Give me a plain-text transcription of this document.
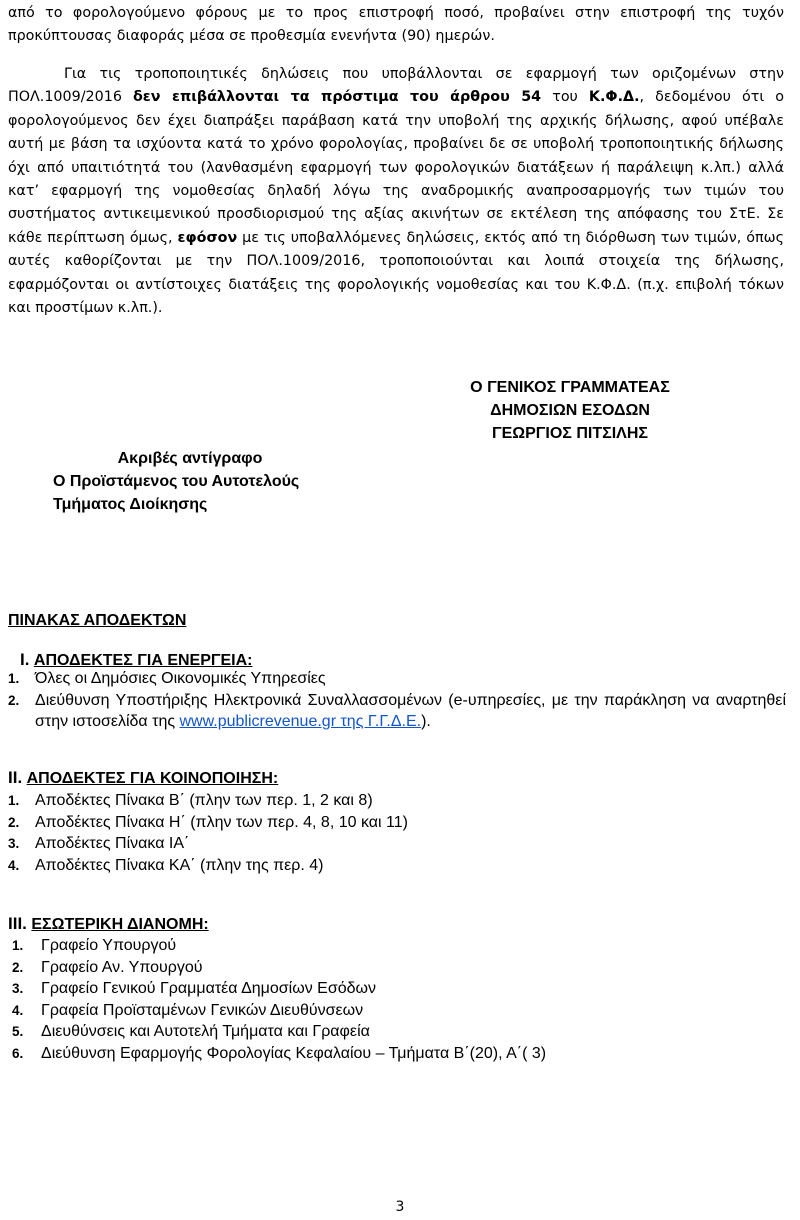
από το φορολογούμενο φόρους με το προς επιστροφή ποσό, προβαίνει στην επιστροφή της τυχόν προκύπτουσας διαφοράς μέσα σε προθεσμία ενενήντα (90) ημερών.

Για τις τροποποιητικές δηλώσεις που υποβάλλονται σε εφαρμογή των οριζομένων στην ΠΟΛ.1009/2016 δεν επιβάλλονται τα πρόστιμα του άρθρου 54 του Κ.Φ.Δ., δεδομένου ότι ο φορολογούμενος δεν έχει διαπράξει παράβαση κατά την υποβολή της αρχικής δήλωσης, αφού υπέβαλε αυτή με βάση τα ισχύοντα κατά το χρόνο φορολογίας, προβαίνει δε σε υποβολή τροποποιητικής δήλωσης όχι από υπαιτιότητά του (λανθασμένη εφαρμογή των φορολογικών διατάξεων ή παράλειψη κ.λπ.) αλλά κατ’ εφαρμογή της νομοθεσίας δηλαδή λόγω της αναδρομικής αναπροσαρμογής των τιμών του συστήματος αντικειμενικού προσδιορισμού της αξίας ακινήτων σε εκτέλεση της απόφασης του ΣτΕ. Σε κάθε περίπτωση όμως, εφόσον με τις υποβαλλόμενες δηλώσεις, εκτός από τη διόρθωση των τιμών, όπως αυτές καθορίζονται με την ΠΟΛ.1009/2016, τροποποιούνται και λοιπά στοιχεία της δήλωσης, εφαρμόζονται οι αντίστοιχες διατάξεις της φορολογικής νομοθεσίας και του Κ.Φ.Δ. (π.χ. επιβολή τόκων και προστίμων κ.λπ.).

Ο ΓΕΝΙΚΟΣ ΓΡΑΜΜΑΤΕΑΣ
ΔΗΜΟΣΙΩΝ ΕΣΟΔΩΝ
ΓΕΩΡΓΙΟΣ ΠΙΤΣΙΛΗΣ
Ακριβές αντίγραφο
Ο Προϊστάμενος του Αυτοτελούς
Τμήματος Διοίκησης
ΠΙΝΑΚΑΣ ΑΠΟΔΕΚΤΩΝ
I. ΑΠΟΔΕΚΤΕΣ ΓΙΑ ΕΝΕΡΓΕΙΑ:
1. Όλες οι Δημόσιες Οικονομικές Υπηρεσίες
2. Διεύθυνση Υποστήριξης Ηλεκτρονικά Συναλλασσομένων (e-υπηρεσίες, με την παράκληση να αναρτηθεί στην ιστοσελίδα της www.publicrevenue.gr της Γ.Γ.Δ.Ε.).
II. ΑΠΟΔΕΚΤΕΣ ΓΙΑ ΚΟΙΝΟΠΟΙΗΣΗ:
1. Αποδέκτες Πίνακα Β΄ (πλην των περ. 1, 2 και 8)
2. Αποδέκτες Πίνακα Η΄ (πλην των περ. 4, 8, 10 και 11)
3. Αποδέκτες Πίνακα ΙΑ΄
4. Αποδέκτες Πίνακα ΚΑ΄ (πλην της περ. 4)
III. ΕΣΩΤΕΡΙΚΗ ΔΙΑΝΟΜΗ:
1.	Γραφείο Υπουργού
2.	Γραφείο Αν. Υπουργού
3.	Γραφείο Γενικού Γραμματέα Δημοσίων Εσόδων
4.	Γραφεία Προϊσταμένων Γενικών Διευθύνσεων
5.	Διευθύνσεις και Αυτοτελή Τμήματα και Γραφεία
6.	Διεύθυνση Εφαρμογής Φορολογίας Κεφαλαίου – Τμήματα Β΄(20), Α΄( 3)
3
